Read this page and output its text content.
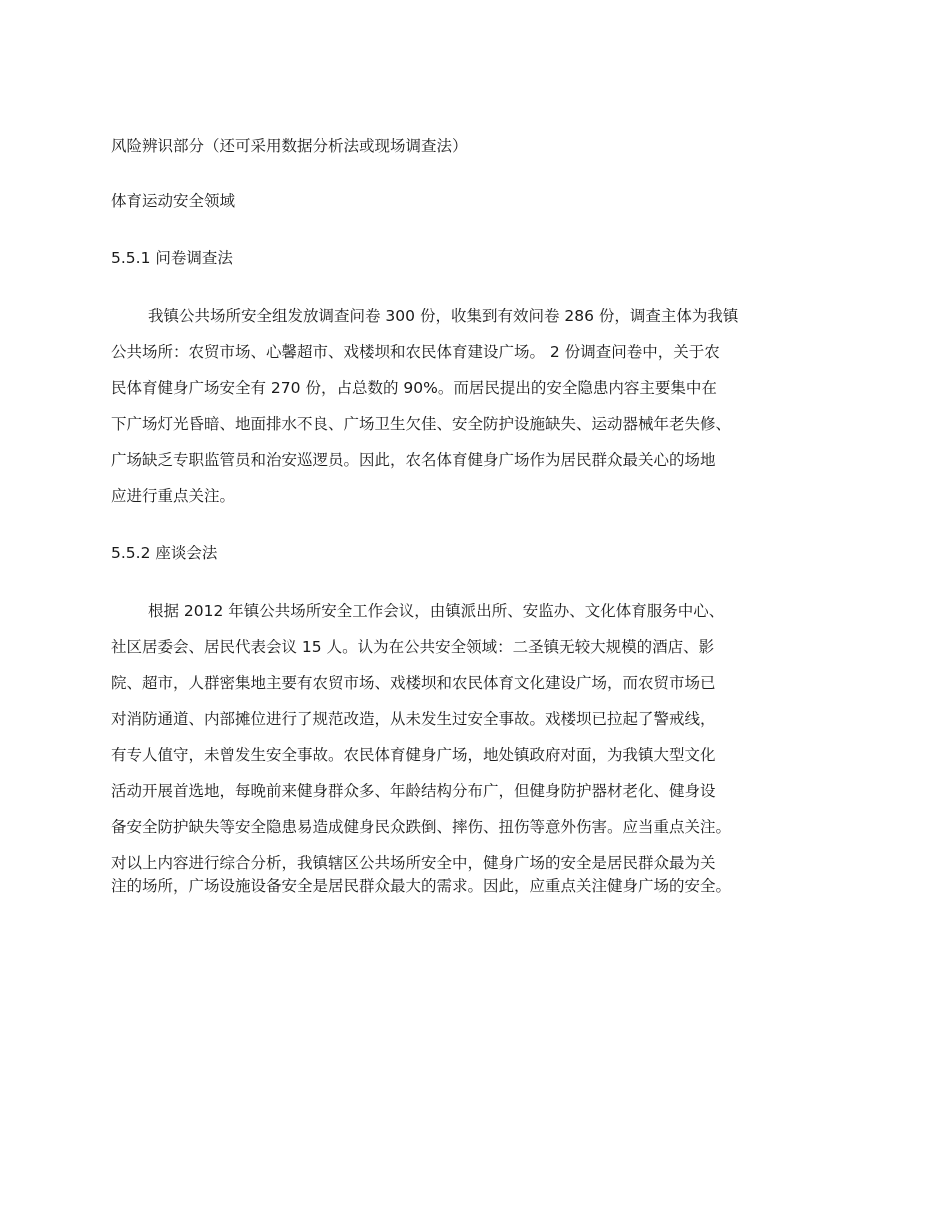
风险辨识部分（还可采用数据分析法或现场调查法）
体育运动安全领域
5.5.1 问卷调查法
我镇公共场所安全组发放调查问卷 300 份，收集到有效问卷 286 份，调查主体为我镇
公共场所：农贸市场、心馨超市、戏楼坝和农民体育建设广场。 2 份调查问卷中，关于农
民体育健身广场安全有 270 份，占总数的 90%。而居民提出的安全隐患内容主要集中在
下广场灯光昏暗、地面排水不良、广场卫生欠佳、安全防护设施缺失、运动器械年老失修、
广场缺乏专职监管员和治安巡逻员。因此，农名体育健身广场作为居民群众最关心的场地
应进行重点关注。
5.5.2 座谈会法
根据 2012 年镇公共场所安全工作会议，由镇派出所、安监办、文化体育服务中心、
社区居委会、居民代表会议 15 人。认为在公共安全领域：二圣镇无较大规模的酒店、影
院、超市，人群密集地主要有农贸市场、戏楼坝和农民体育文化建设广场，而农贸市场已
对消防通道、内部摊位进行了规范改造，从未发生过安全事故。戏楼坝已拉起了警戒线，
有专人值守，未曾发生安全事故。农民体育健身广场，地处镇政府对面，为我镇大型文化
活动开展首选地，每晚前来健身群众多、年龄结构分布广，但健身防护器材老化、健身设
备安全防护缺失等安全隐患易造成健身民众跌倒、摔伤、扭伤等意外伤害。应当重点关注。
对以上内容进行综合分析，我镇辖区公共场所安全中，健身广场的安全是居民群众最为关
注的场所，广场设施设备安全是居民群众最大的需求。因此，应重点关注健身广场的安全。
